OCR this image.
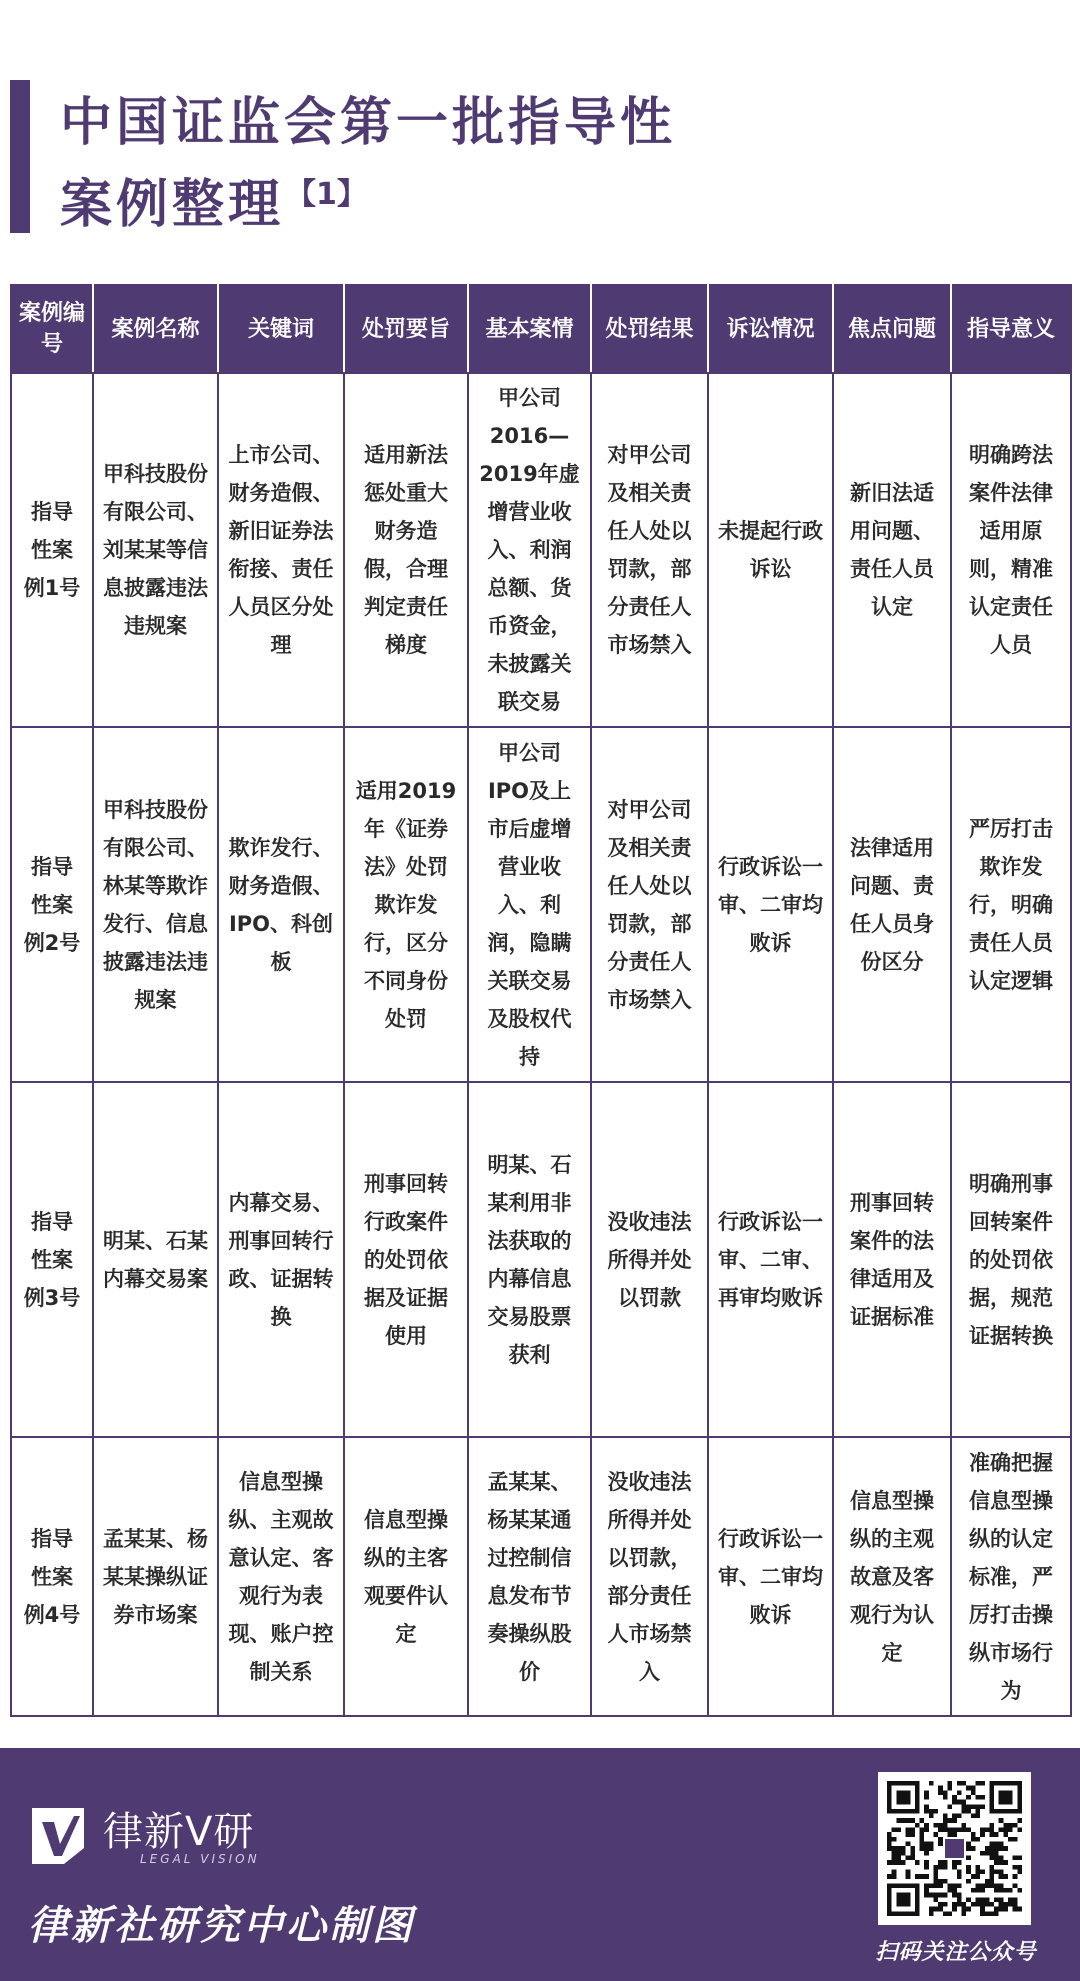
中国证监会第一批指导性
案例整理$^{【1】}$
案例编号	案例名称	关键词	处罚要旨	基本案情	处罚结果	诉讼情况	焦点问题	指导意义
指导性案例1号	甲科技股份有限公司、刘某某等信息披露违法违规案	上市公司、财务造假、新旧证券法衔接、责任人员区分处理	适用新法惩处重大财务造假，合理判定责任梯度	甲公司2016—2019年虚增营业收入、利润总额、货币资金，未披露关联交易	对甲公司及相关责任人处以罚款，部分责任人市场禁入	未提起行政诉讼	新旧法适用问题、责任人员认定	明确跨法案件法律适用原则，精准认定责任人员
指导性案例2号	甲科技股份有限公司、林某等欺诈发行、信息披露违法违规案	欺诈发行、财务造假、IPO、科创板	适用2019年《证券法》处罚欺诈发行，区分不同身份处罚	甲公司IPO及上市后虚增营业收入、利润，隐瞒关联交易及股权代持	对甲公司及相关责任人处以罚款，部分责任人市场禁入	行政诉讼一审、二审均败诉	法律适用问题、责任人员身份区分	严厉打击欺诈发行，明确责任人员认定逻辑
指导性案例3号	明某、石某内幕交易案	内幕交易、刑事回转行政、证据转换	刑事回转行政案件的处罚依据及证据使用	明某、石某利用非法获取的内幕信息交易股票获利	没收违法所得并处以罚款	行政诉讼一审、二审、再审均败诉	刑事回转案件的法律适用及证据标准	明确刑事回转案件的处罚依据，规范证据转换
指导性案例4号	孟某某、杨某某操纵证券市场案	信息型操纵、主观故意认定、客观行为表现、账户控制关系	信息型操纵的主客观要件认定	孟某某、杨某某通过控制信息发布节奏操纵股价	没收违法所得并处以罚款，部分责任人市场禁入	行政诉讼一审、二审均败诉	信息型操纵的主观故意及客观行为认定	准确把握信息型操纵的认定标准，严厉打击操纵市场行为
律新V研
LEGAL VISION
律新社研究中心制图
扫码关注公众号
